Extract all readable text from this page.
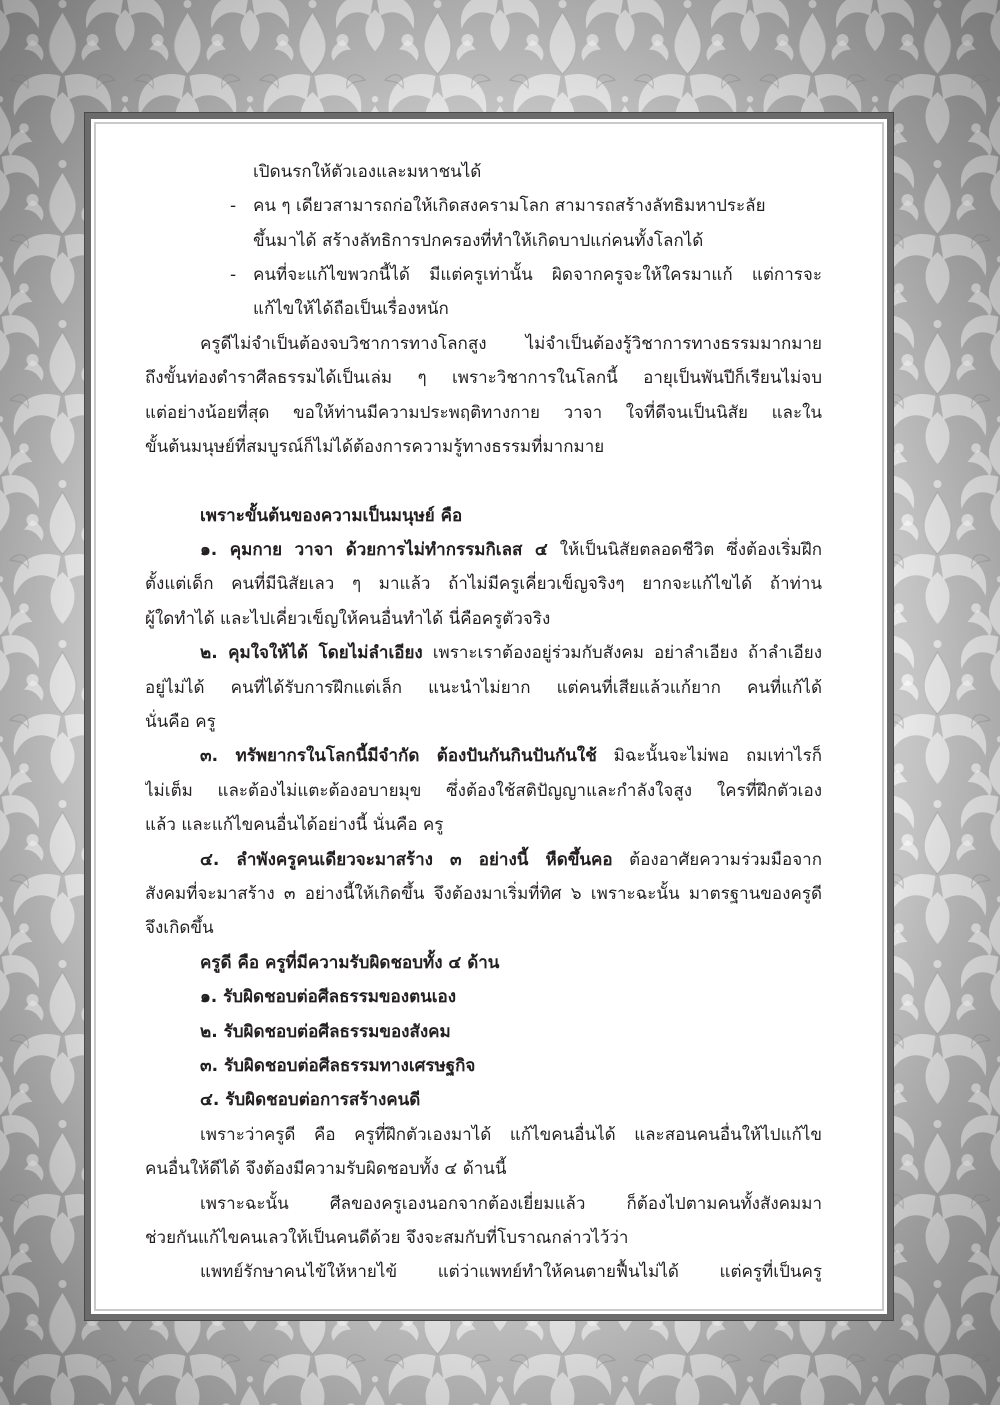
เปิดนรกให้ตัวเองและมหาชนได้
- คน ๆ เดียวสามารถก่อให้เกิดสงครามโลก สามารถสร้างลัทธิมหาประลัย
ขึ้นมาได้ สร้างลัทธิการปกครองที่ทำให้เกิดบาปแก่คนทั้งโลกได้
- คนที่จะแก้ไขพวกนี้ได้ มีแต่ครูเท่านั้น ผิดจากครูจะให้ใครมาแก้ แต่การจะ
แก้ไขให้ได้ถือเป็นเรื่องหนัก
ครูดีไม่จำเป็นต้องจบวิชาการทางโลกสูง ไม่จำเป็นต้องรู้วิชาการทางธรรมมากมาย
ถึงขั้นท่องตำราศีลธรรมได้เป็นเล่ม ๆ เพราะวิชาการในโลกนี้ อายุเป็นพันปีก็เรียนไม่จบ
แต่อย่างน้อยที่สุด ขอให้ท่านมีความประพฤติทางกาย วาจา ใจที่ดีจนเป็นนิสัย และใน
ขั้นต้นมนุษย์ที่สมบูรณ์ก็ไม่ได้ต้องการความรู้ทางธรรมที่มากมาย
เพราะขั้นต้นของความเป็นมนุษย์ คือ
๑. คุมกาย วาจา ด้วยการไม่ทำกรรมกิเลส ๔ ให้เป็นนิสัยตลอดชีวิต ซึ่งต้องเริ่มฝึก
ตั้งแต่เด็ก คนที่มีนิสัยเลว ๆ มาแล้ว ถ้าไม่มีครูเคี่ยวเข็ญจริงๆ ยากจะแก้ไขได้ ถ้าท่าน
ผู้ใดทำได้ และไปเคี่ยวเข็ญให้คนอื่นทำได้ นี่คือครูตัวจริง
๒. คุมใจให้ได้ โดยไม่ลำเอียง เพราะเราต้องอยู่ร่วมกับสังคม อย่าลำเอียง ถ้าลำเอียง
อยู่ไม่ได้ คนที่ได้รับการฝึกแต่เล็ก แนะนำไม่ยาก แต่คนที่เสียแล้วแก้ยาก คนที่แก้ได้
นั่นคือ ครู
๓. ทรัพยากรในโลกนี้มีจำกัด ต้องปันกันกินปันกันใช้ มิฉะนั้นจะไม่พอ ถมเท่าไรก็
ไม่เต็ม และต้องไม่แตะต้องอบายมุข ซึ่งต้องใช้สติปัญญาและกำลังใจสูง ใครที่ฝึกตัวเอง
แล้ว และแก้ไขคนอื่นได้อย่างนี้ นั่นคือ ครู
๔. ลำพังครูคนเดียวจะมาสร้าง ๓ อย่างนี้ หืดขึ้นคอ ต้องอาศัยความร่วมมือจาก
สังคมที่จะมาสร้าง ๓ อย่างนี้ให้เกิดขึ้น จึงต้องมาเริ่มที่ทิศ ๖ เพราะฉะนั้น มาตรฐานของครูดี
จึงเกิดขึ้น
ครูดี คือ ครูที่มีความรับผิดชอบทั้ง ๔ ด้าน
๑. รับผิดชอบต่อศีลธรรมของตนเอง
๒. รับผิดชอบต่อศีลธรรมของสังคม
๓. รับผิดชอบต่อศีลธรรมทางเศรษฐกิจ
๔. รับผิดชอบต่อการสร้างคนดี
เพราะว่าครูดี คือ ครูที่ฝึกตัวเองมาได้ แก้ไขคนอื่นได้ และสอนคนอื่นให้ไปแก้ไข
คนอื่นให้ดีได้ จึงต้องมีความรับผิดชอบทั้ง ๔ ด้านนี้
เพราะฉะนั้น ศีลของครูเองนอกจากต้องเยี่ยมแล้ว ก็ต้องไปตามคนทั้งสังคมมา
ช่วยกันแก้ไขคนเลวให้เป็นคนดีด้วย จึงจะสมกับที่โบราณกล่าวไว้ว่า
แพทย์รักษาคนไข้ให้หายไข้ แต่ว่าแพทย์ทำให้คนตายฟื้นไม่ได้ แต่ครูที่เป็นครู
